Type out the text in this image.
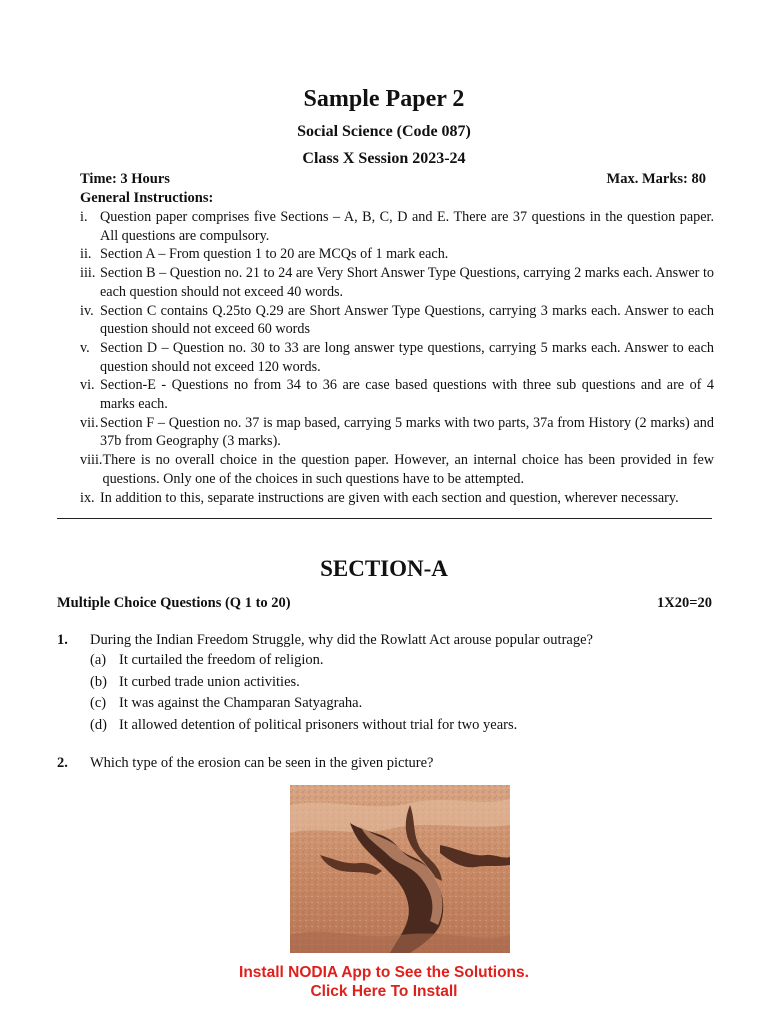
Sample Paper 2
Social Science (Code 087)
Class X Session 2023-24
Time: 3 Hours	Max. Marks: 80
General Instructions:
i. Question paper comprises five Sections – A, B, C, D and E. There are 37 questions in the question paper. All questions are compulsory.
ii. Section A – From question 1 to 20 are MCQs of 1 mark each.
iii. Section B – Question no. 21 to 24 are Very Short Answer Type Questions, carrying 2 marks each. Answer to each question should not exceed 40 words.
iv. Section C contains Q.25to Q.29 are Short Answer Type Questions, carrying 3 marks each. Answer to each question should not exceed 60 words
v. Section D – Question no. 30 to 33 are long answer type questions, carrying 5 marks each. Answer to each question should not exceed 120 words.
vi. Section-E - Questions no from 34 to 36 are case based questions with three sub questions and are of 4 marks each.
vii. Section F – Question no. 37 is map based, carrying 5 marks with two parts, 37a from History (2 marks) and 37b from Geography (3 marks).
viii. There is no overall choice in the question paper. However, an internal choice has been provided in few questions. Only one of the choices in such questions have to be attempted.
ix. In addition to this, separate instructions are given with each section and question, wherever necessary.
SECTION-A
Multiple Choice Questions (Q 1 to 20)	1X20=20
1. During the Indian Freedom Struggle, why did the Rowlatt Act arouse popular outrage?
(a) It curtailed the freedom of religion.
(b) It curbed trade union activities.
(c) It was against the Champaran Satyagraha.
(d) It allowed detention of political prisoners without trial for two years.
2. Which type of the erosion can be seen in the given picture?
Install NODIA App to See the Solutions.
Click Here To Install
